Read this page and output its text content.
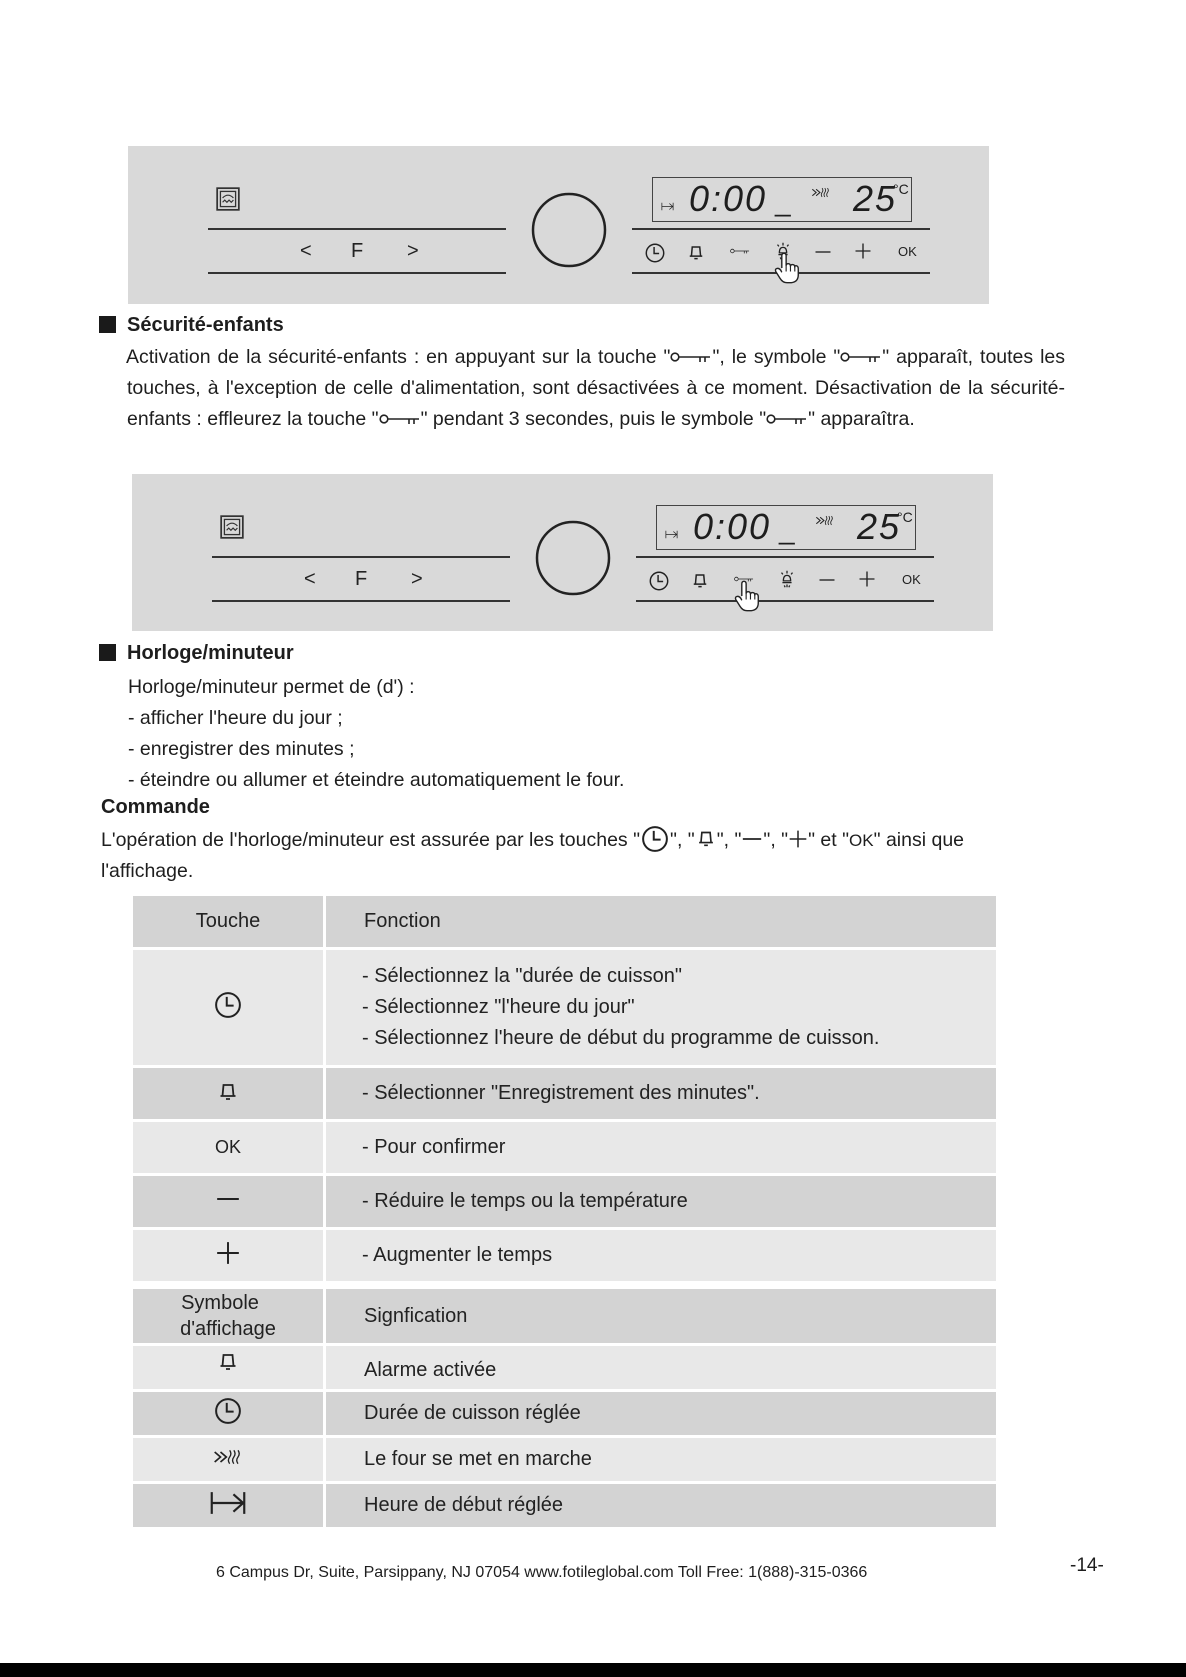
< F >
0:00 _ 25
°C
OK
Sécurité-enfants
Activation de la sécurité-enfants : en appuyant sur la touche " ", le symbole " " apparaît, toutes les touches, à l'exception de celle d'alimentation, sont désactivées à ce moment. Désactivation de la sécurité-enfants : effleurez la touche " " pendant 3 secondes, puis le symbole " " apparaîtra.
< F >
0:00 _ 25
°C
OK
Horloge/minuteur
Horloge/minuteur permet de (d') :
- afficher l'heure du jour ;
- enregistrer des minutes ;
- éteindre ou allumer et éteindre automatiquement le four.
Commande
L'opération de l'horloge/minuteur est assurée par les touches " ", " ", " ", " " et "OK" ainsi que l'affichage.
Touche	Fonction

- Sélectionnez la "durée de cuisson"
- Sélectionnez "l'heure du jour"
- Sélectionnez l'heure de début du programme de cuisson.

	- Sélectionner "Enregistrement des minutes".
OK	- Pour confirmer
	- Réduire le temps ou la température
	- Augmenter le temps
Symbole
d'affichage	Signfication
	Alarme activée
	Durée de cuisson réglée
	Le four se met en marche
	Heure de début réglée
6 Campus Dr, Suite, Parsippany, NJ 07054 www.fotileglobal.com Toll Free: 1(888)-315-0366	-14-
